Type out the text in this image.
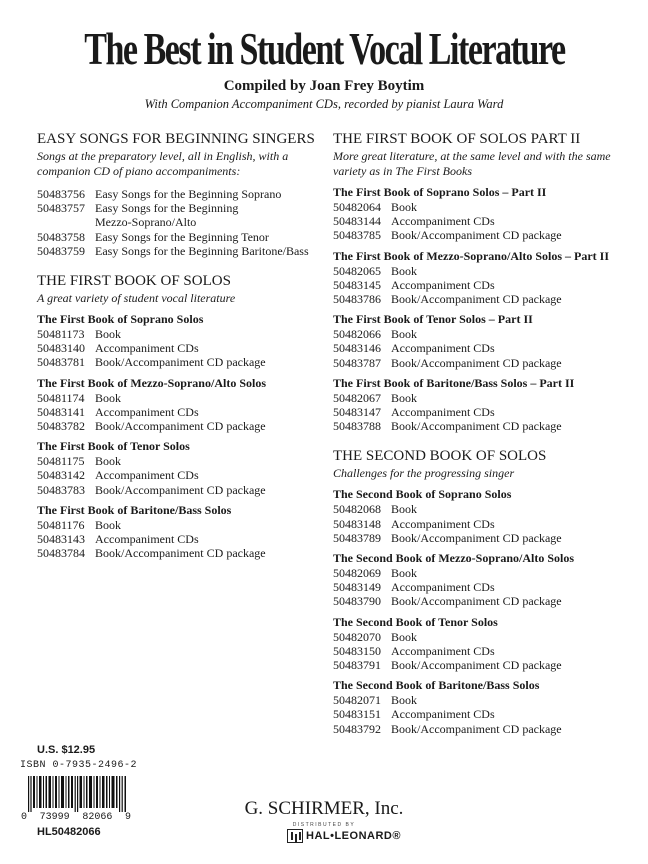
The Best in Student Vocal Literature
Compiled by Joan Frey Boytim
With Companion Accompaniment CDs, recorded by pianist Laura Ward
EASY SONGS FOR BEGINNING SINGERS
Songs at the preparatory level, all in English, with a companion CD of piano accompaniments:
50483756 Easy Songs for the Beginning Soprano
50483757 Easy Songs for the Beginning Mezzo-Soprano/Alto
50483758 Easy Songs for the Beginning Tenor
50483759 Easy Songs for the Beginning Baritone/Bass
THE FIRST BOOK OF SOLOS
A great variety of student vocal literature
The First Book of Soprano Solos
50481173 Book
50483140 Accompaniment CDs
50483781 Book/Accompaniment CD package
The First Book of Mezzo-Soprano/Alto Solos
50481174 Book
50483141 Accompaniment CDs
50483782 Book/Accompaniment CD package
The First Book of Tenor Solos
50481175 Book
50483142 Accompaniment CDs
50483783 Book/Accompaniment CD package
The First Book of Baritone/Bass Solos
50481176 Book
50483143 Accompaniment CDs
50483784 Book/Accompaniment CD package
THE FIRST BOOK OF SOLOS PART II
More great literature, at the same level and with the same variety as in The First Books
The First Book of Soprano Solos – Part II
50482064 Book
50483144 Accompaniment CDs
50483785 Book/Accompaniment CD package
The First Book of Mezzo-Soprano/Alto Solos – Part II
50482065 Book
50483145 Accompaniment CDs
50483786 Book/Accompaniment CD package
The First Book of Tenor Solos – Part II
50482066 Book
50483146 Accompaniment CDs
50483787 Book/Accompaniment CD package
The First Book of Baritone/Bass Solos – Part II
50482067 Book
50483147 Accompaniment CDs
50483788 Book/Accompaniment CD package
THE SECOND BOOK OF SOLOS
Challenges for the progressing singer
The Second Book of Soprano Solos
50482068 Book
50483148 Accompaniment CDs
50483789 Book/Accompaniment CD package
The Second Book of Mezzo-Soprano/Alto Solos
50482069 Book
50483149 Accompaniment CDs
50483790 Book/Accompaniment CD package
The Second Book of Tenor Solos
50482070 Book
50483150 Accompaniment CDs
50483791 Book/Accompaniment CD package
The Second Book of Baritone/Bass Solos
50482071 Book
50483151 Accompaniment CDs
50483792 Book/Accompaniment CD package
U.S. $12.95
ISBN 0-7935-2496-2
0 73999 82066 9
HL50482066
G. SCHIRMER, Inc.
DISTRIBUTED BY
HAL•LEONARD®
